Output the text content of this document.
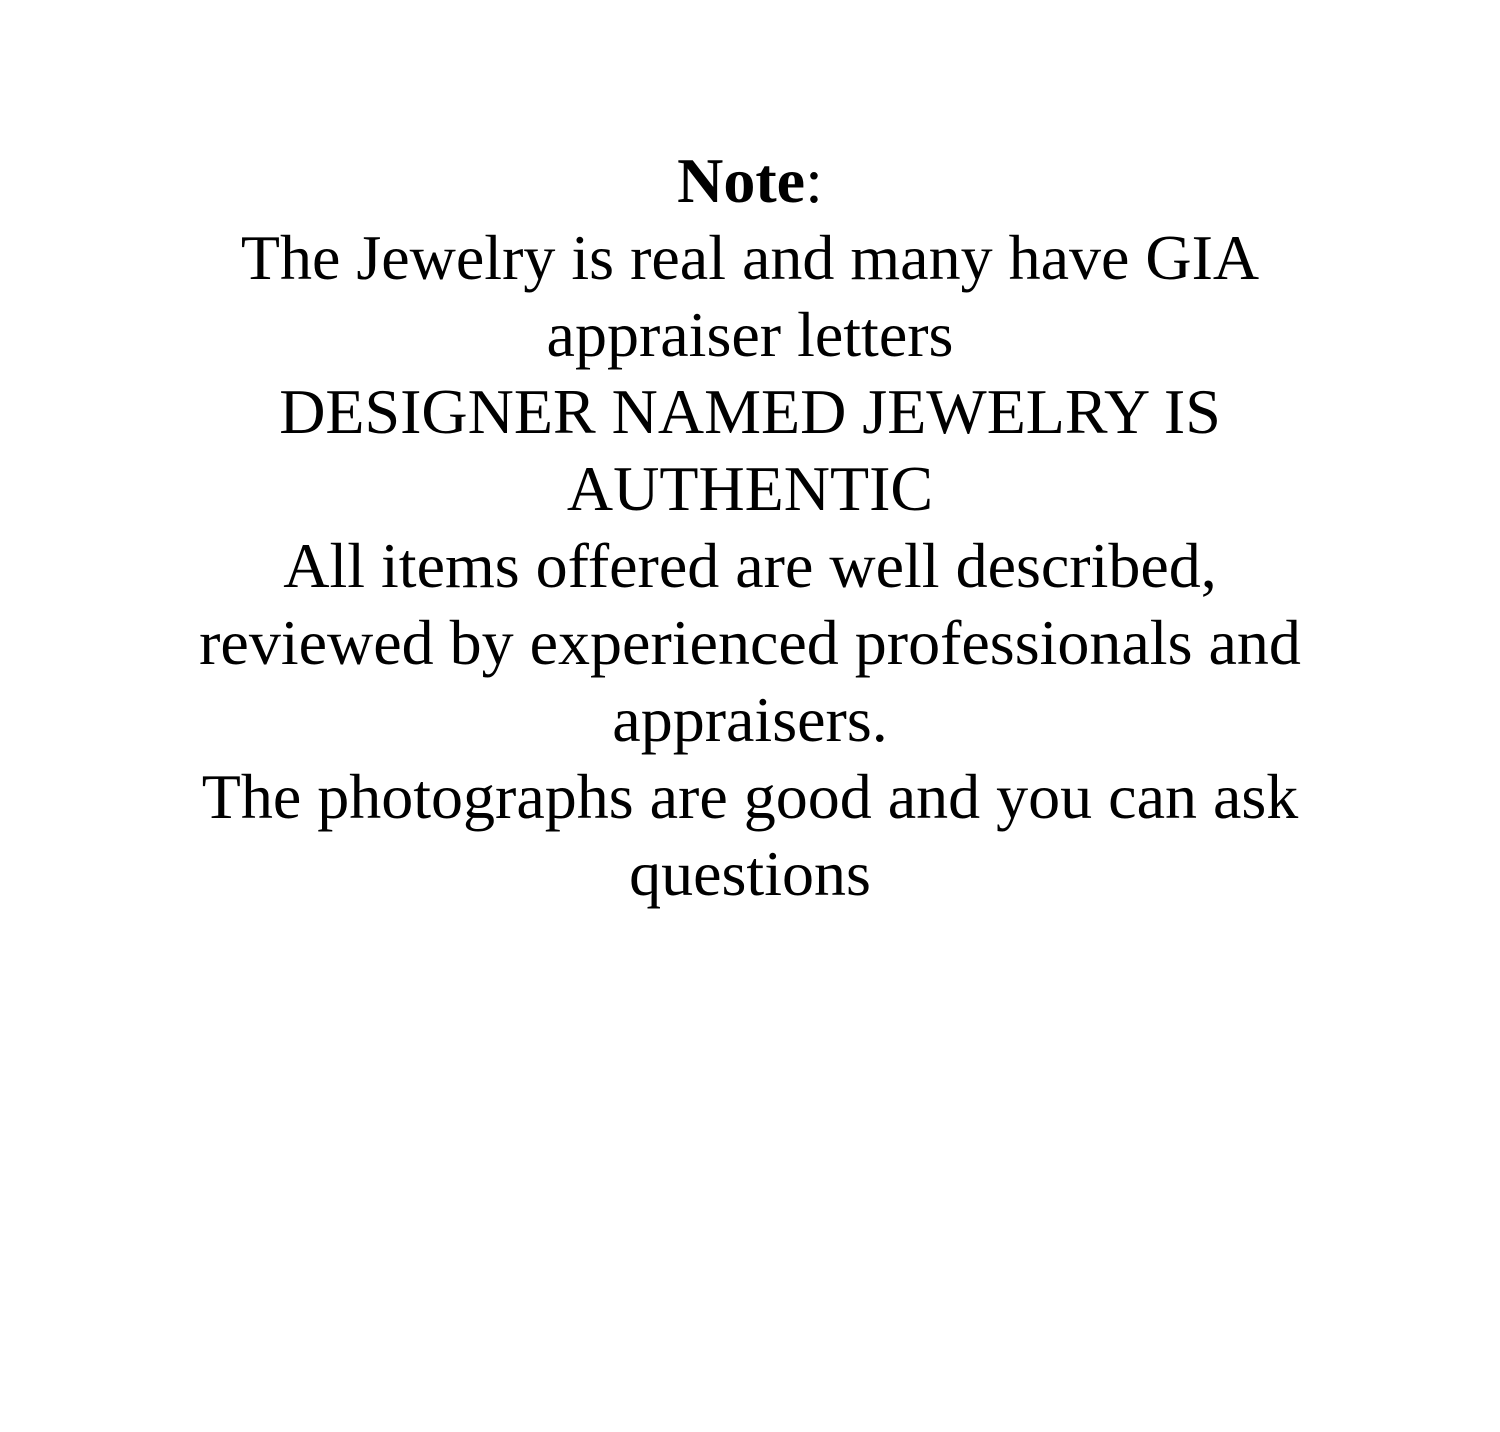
Note:
The Jewelry is real and many have GIA
appraiser letters
DESIGNER NAMED JEWELRY IS
AUTHENTIC
All items offered are well described,
reviewed by experienced professionals and
appraisers.
The photographs are good and you can ask
questions
